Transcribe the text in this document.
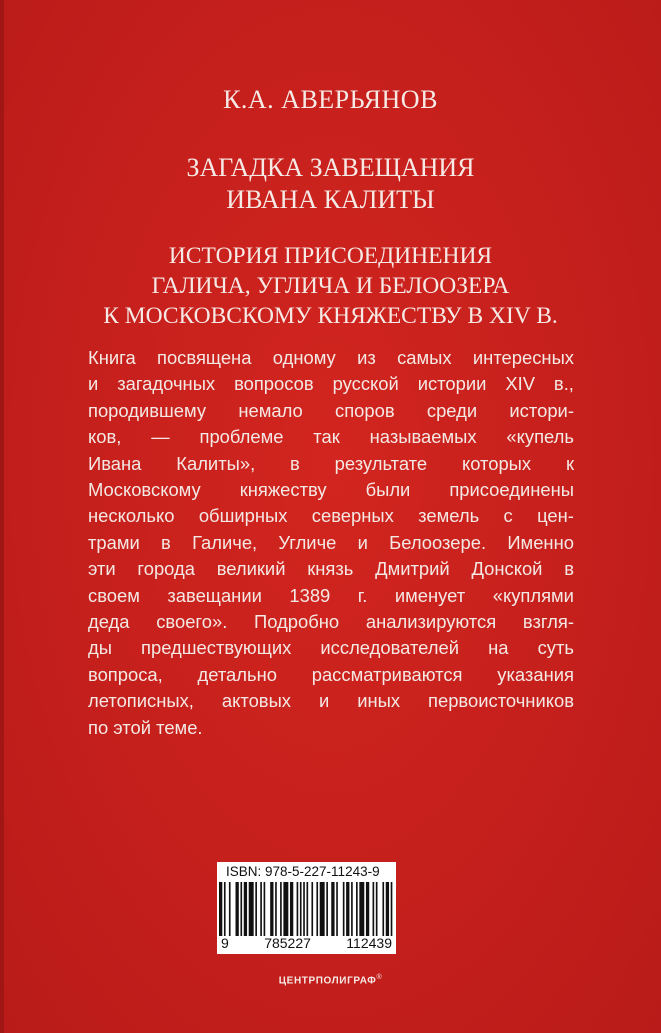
К.А. АВЕРЬЯНОВ
ЗАГАДКА ЗАВЕЩАНИЯ
ИВАНА КАЛИТЫ
ИСТОРИЯ ПРИСОЕДИНЕНИЯ
ГАЛИЧА, УГЛИЧА И БЕЛООЗЕРА
К МОСКОВСКОМУ КНЯЖЕСТВУ В XIV В.
Книга посвящена одному из самых интересных
и загадочных вопросов русской истории XIV в.,
породившему немало споров среди истори-
ков, — проблеме так называемых «купель
Ивана Калиты», в результате которых к
Московскому княжеству были присоединены
несколько обширных северных земель с цен-
трами в Галиче, Угличе и Белоозере. Именно
эти города великий князь Дмитрий Донской в
своем завещании 1389 г. именует «куплями
деда своего». Подробно анализируются взгля-
ды предшествующих исследователей на суть
вопроса, детально рассматриваются указания
летописных, актовых и иных первоисточников
по этой теме.
ISBN: 978-5-227-11243-9
9	785227	112439
ЦЕНТРПОЛИГРАФ®
